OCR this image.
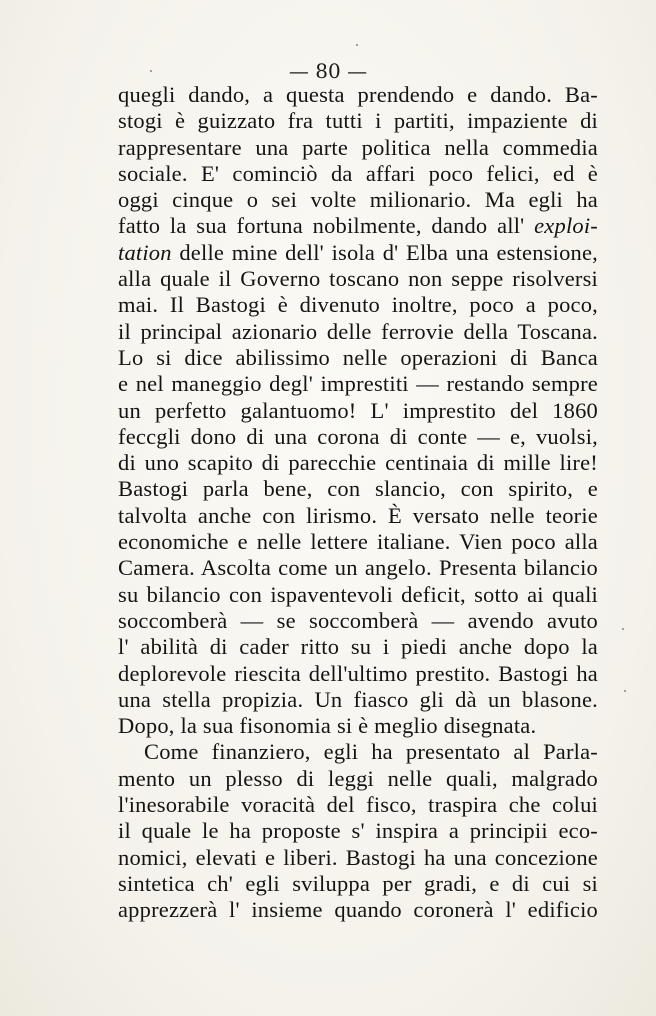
— 80 —
quegli dando, a questa prendendo e dando. Ba-
stogi è guizzato fra tutti i partiti, impaziente di
rappresentare una parte politica nella commedia
sociale. E' cominciò da affari poco felici, ed è
oggi cinque o sei volte milionario. Ma egli ha
fatto la sua fortuna nobilmente, dando all' exploi-
tation delle mine dell' isola d' Elba una estensione,
alla quale il Governo toscano non seppe risolversi
mai. Il Bastogi è divenuto inoltre, poco a poco,
il principal azionario delle ferrovie della Toscana.
Lo si dice abilissimo nelle operazioni di Banca
e nel maneggio degl' imprestiti — restando sempre
un perfetto galantuomo! L' imprestito del 1860
feccgli dono di una corona di conte — e, vuolsi,
di uno scapito di parecchie centinaia di mille lire!
Bastogi parla bene, con slancio, con spirito, e
talvolta anche con lirismo. È versato nelle teorie
economiche e nelle lettere italiane. Vien poco alla
Camera. Ascolta come un angelo. Presenta bilancio
su bilancio con ispaventevoli deficit, sotto ai quali
soccomberà — se soccomberà — avendo avuto
l' abilità di cader ritto su i piedi anche dopo la
deplorevole riescita dell'ultimo prestito. Bastogi ha
una stella propizia. Un fiasco gli dà un blasone.
Dopo, la sua fisonomia si è meglio disegnata.
Come finanziero, egli ha presentato al Parla-
mento un plesso di leggi nelle quali, malgrado
l'inesorabile voracità del fisco, traspira che colui
il quale le ha proposte s' inspira a principii eco-
nomici, elevati e liberi. Bastogi ha una concezione
sintetica ch' egli sviluppa per gradi, e di cui si
apprezzerà l' insieme quando coronerà l' edificio
